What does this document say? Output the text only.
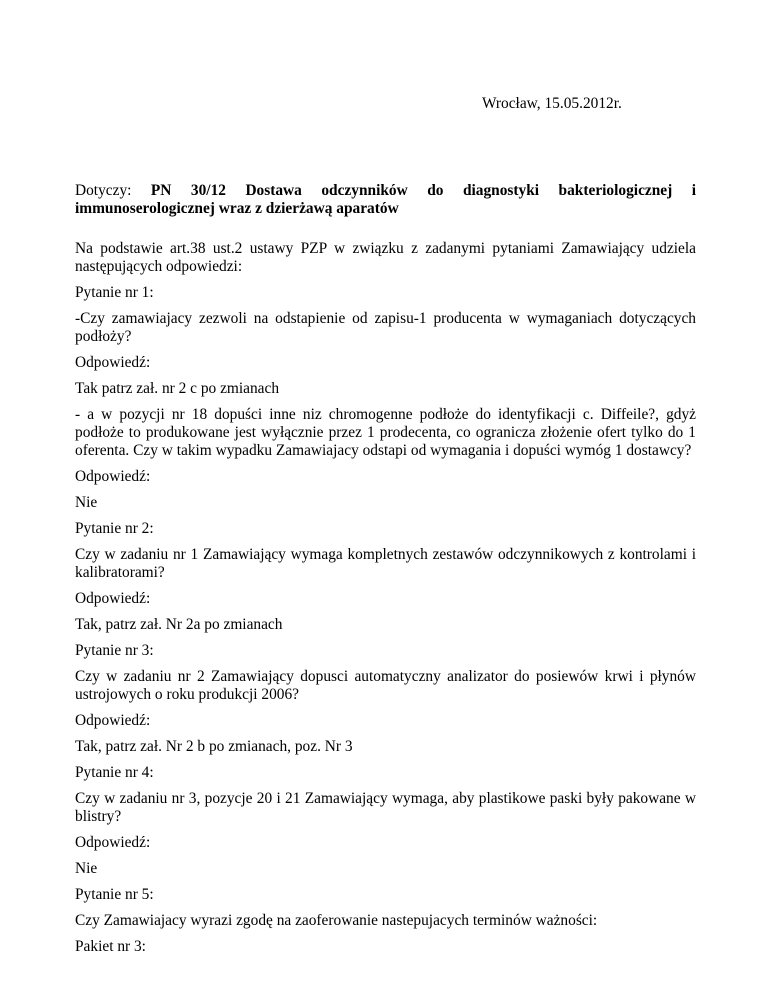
Wrocław, 15.05.2012r.
Dotyczy: PN 30/12 Dostawa odczynników do diagnostyki bakteriologicznej i
immunoserologicznej wraz z dzierżawą aparatów

Na podstawie art.38 ust.2 ustawy PZP w związku z zadanymi pytaniami Zamawiający udziela następujących odpowiedzi:

Pytanie nr 1:

-Czy zamawiajacy zezwoli na odstapienie od zapisu-1 producenta w wymaganiach dotyczących podłoży?

Odpowiedź:

Tak patrz zał. nr 2 c po zmianach

- a w pozycji nr 18 dopuści inne niz chromogenne podłoże do identyfikacji c. Diffeile?, gdyż podłoże to produkowane jest wyłącznie przez 1 prodecenta, co ogranicza złożenie ofert tylko do 1 oferenta. Czy w takim wypadku Zamawiajacy odstapi od wymagania i dopuści wymóg 1 dostawcy?

Odpowiedź:

Nie

Pytanie nr 2:

Czy w zadaniu nr 1 Zamawiający wymaga kompletnych zestawów odczynnikowych z kontrolami i kalibratorami?

Odpowiedź:

Tak, patrz zał. Nr 2a po zmianach

Pytanie nr 3:

Czy w zadaniu nr 2 Zamawiający dopusci automatyczny analizator do posiewów krwi i płynów ustrojowych o roku produkcji 2006?

Odpowiedź:

Tak, patrz zał. Nr 2 b po zmianach, poz. Nr 3

Pytanie nr 4:

Czy w zadaniu nr 3, pozycje 20 i 21 Zamawiający wymaga, aby plastikowe paski były pakowane w blistry?

Odpowiedź:

Nie

Pytanie nr 5:

Czy Zamawiajacy wyrazi zgodę na zaoferowanie nastepujacych terminów ważności:

Pakiet nr 3:
